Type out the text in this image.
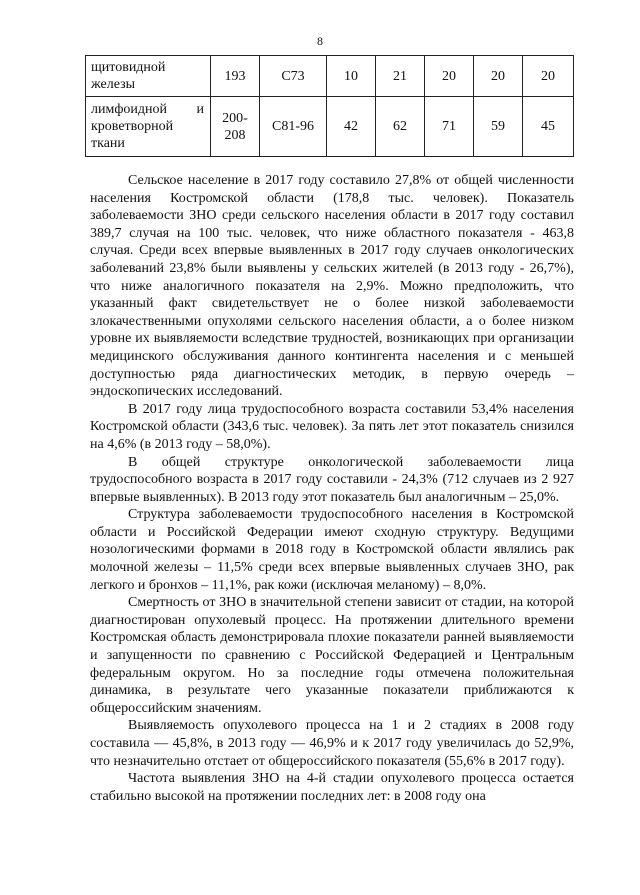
8
щитовидной
железы	193	С73	10	21	20	20	20

лимфоидной и
кроветворной
ткани	200-208	С81-96	42	62	71	59	45

Сельское население в 2017 году составило 27,8% от общей численности населения Костромской области (178,8 тыс. человек). Показатель заболеваемости ЗНО среди сельского населения области в 2017 году составил 389,7 случая на 100 тыс. человек, что ниже областного показателя - 463,8 случая. Среди всех впервые выявленных в 2017 году случаев онкологических заболеваний 23,8% были выявлены у сельских жителей (в 2013 году - 26,7%), что ниже аналогичного показателя на 2,9%. Можно предположить, что указанный факт свидетельствует не о более низкой заболеваемости злокачественными опухолями сельского населения области, а о более низком уровне их выявляемости вследствие трудностей, возникающих при организации медицинского обслуживания данного контингента населения и с меньшей доступностью ряда диагностических методик, в первую очередь – эндоскопических исследований.

В 2017 году лица трудоспособного возраста составили 53,4% населения Костромской области (343,6 тыс. человек). За пять лет этот показатель снизился на 4,6% (в 2013 году – 58,0%).

В общей структуре онкологической заболеваемости лица трудоспособного возраста в 2017 году составили - 24,3% (712 случаев из 2 927 впервые выявленных). В 2013 году этот показатель был аналогичным – 25,0%.

Структура заболеваемости трудоспособного населения в Костромской области и Российской Федерации имеют сходную структуру. Ведущими нозологическими формами в 2018 году в Костромской области являлись рак молочной железы – 11,5% среди всех впервые выявленных случаев ЗНО, рак легкого и бронхов – 11,1%, рак кожи (исключая меланому) – 8,0%.

Смертность от ЗНО в значительной степени зависит от стадии, на которой диагностирован опухолевый процесс. На протяжении длительного времени Костромская область демонстрировала плохие показатели ранней выявляемости и запущенности по сравнению с Российской Федерацией и Центральным федеральным округом. Но за последние годы отмечена положительная динамика, в результате чего указанные показатели приближаются к общероссийским значениям.

Выявляемость опухолевого процесса на 1 и 2 стадиях в 2008 году составила — 45,8%, в 2013 году — 46,9% и к 2017 году увеличилась до 52,9%, что незначительно отстает от общероссийского показателя (55,6% в 2017 году).

Частота выявления ЗНО на 4-й стадии опухолевого процесса остается стабильно высокой на протяжении последних лет: в 2008 году она
